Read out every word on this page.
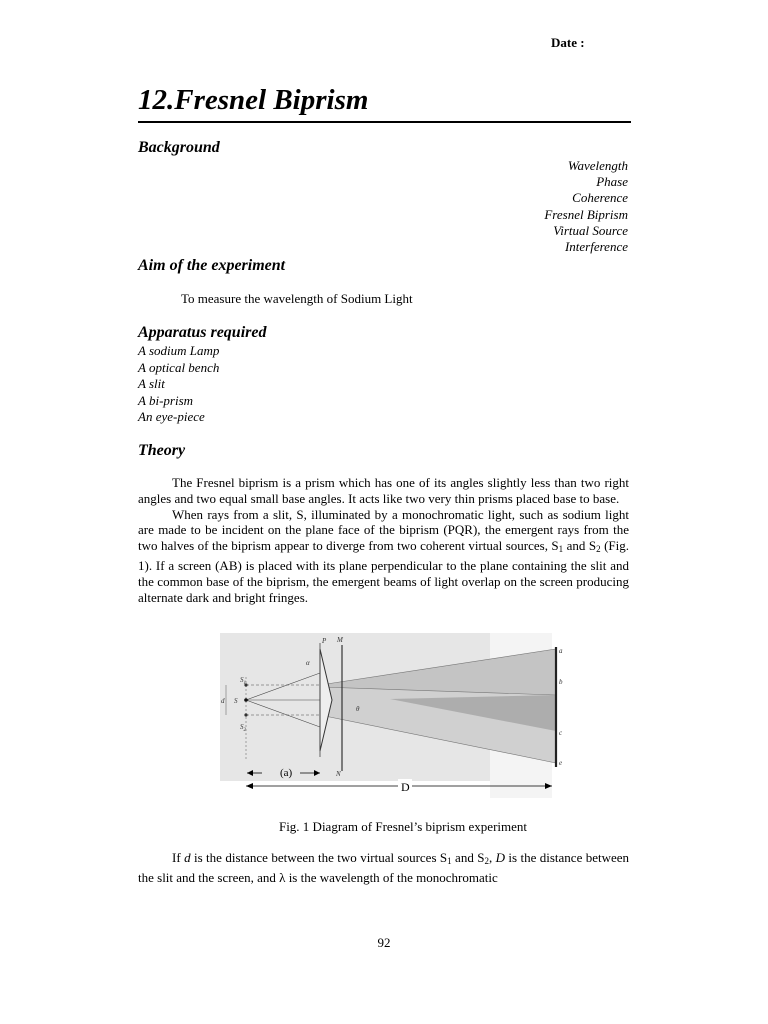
Date :
12.Fresnel Biprism
Background
Wavelength
Phase
Coherence
Fresnel Biprism
Virtual Source
Interference
Aim of the experiment
To measure the wavelength of Sodium Light
Apparatus required
A sodium Lamp
A optical bench
A slit
A bi-prism
An eye-piece
Theory

The Fresnel biprism is a prism which has one of its angles slightly less than two right angles and two equal small base angles. It acts like two very thin prisms placed base to base.

When rays from a slit, S, illuminated by a monochromatic light, such as sodium light are made to be incident on the plane face of the biprism (PQR), the emergent rays from the two halves of the biprism appear to diverge from two coherent virtual sources, $S_1$ and $S_2$ (Fig. 1). If a screen (AB) is placed with its plane perpendicular to the plane containing the slit and the common base of the biprism, the emergent beams of light overlap on the screen producing alternate dark and bright fringes.

P M
α
$S_1$
S
d
$S_2$
θ
N
a
b
c
e
(a)
D
Fig. 1 Diagram of Fresnel’s biprism experiment

If d is the distance between the two virtual sources $S_1$ and $S_2$, D is the distance between the slit and the screen, and λ is the wavelength of the monochromatic

92
